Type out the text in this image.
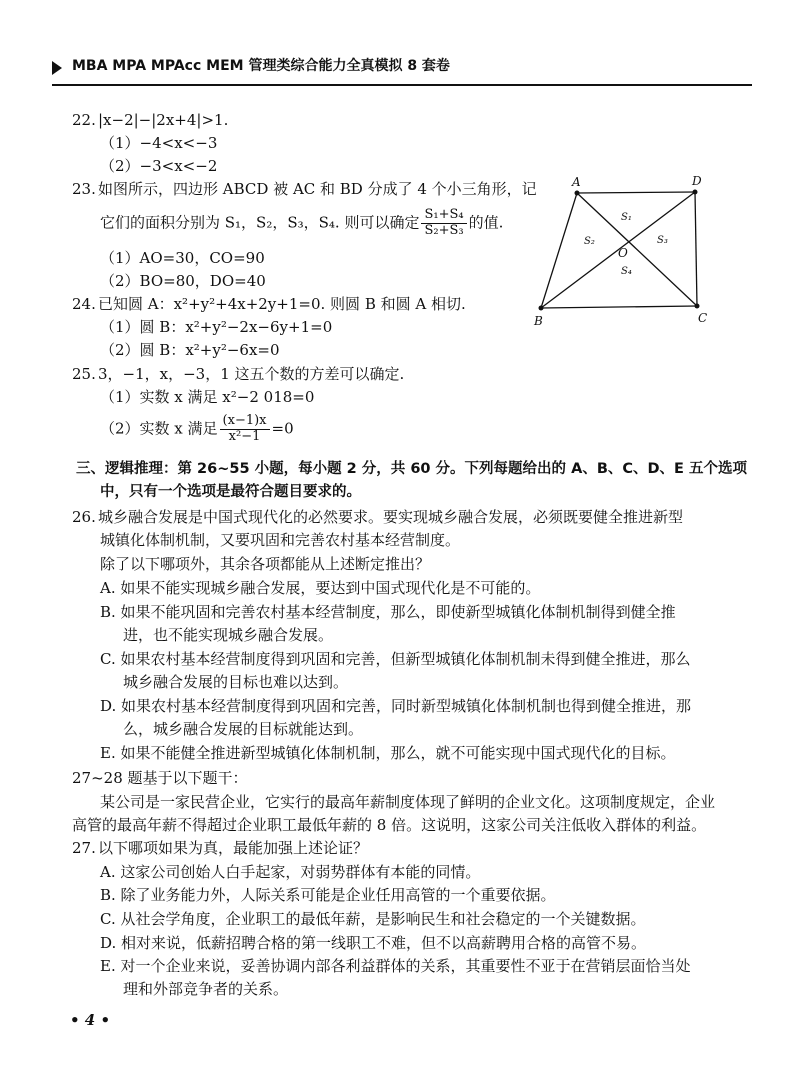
MBA MPA MPAcc MEM 管理类综合能力全真模拟 8 套卷
22. |x−2|−|2x+4|>1.
（1）−4<x<−3
（2）−3<x<−2
23. 如图所示，四边形 ABCD 被 AC 和 BD 分成了 4 个小三角形，记
它们的面积分别为 S₁，S₂，S₃，S₄. 则可以确定 $\frac{\text{S₁+S₄}}{\text{S₂+S₃}}$ 的值.
（1）AO=30，CO=90
（2）BO=80，DO=40
A	D
B	C
O
S₁
S₂	S₃
S₄
24. 已知圆 A：x²+y²+4x+2y+1=0. 则圆 B 和圆 A 相切.
（1）圆 B：x²+y²−2x−6y+1=0
（2）圆 B：x²+y²−6x=0
25. 3，−1，x，−3，1 这五个数的方差可以确定.
（1）实数 x 满足 x²−2 018=0
（2）实数 x 满足 $\frac{(x-1)x}{\text{x²−1}} =0$
三、逻辑推理：第 26~55 小题，每小题 2 分，共 60 分。下列每题给出的 A、B、C、D、E 五个选项
中，只有一个选项是最符合题目要求的。
26. 城乡融合发展是中国式现代化的必然要求。要实现城乡融合发展，必须既要健全推进新型
城镇化体制机制，又要巩固和完善农村基本经营制度。
除了以下哪项外，其余各项都能从上述断定推出？
A. 如果不能实现城乡融合发展，要达到中国式现代化是不可能的。
B. 如果不能巩固和完善农村基本经营制度，那么，即使新型城镇化体制机制得到健全推
进，也不能实现城乡融合发展。
C. 如果农村基本经营制度得到巩固和完善，但新型城镇化体制机制未得到健全推进，那么
城乡融合发展的目标也难以达到。
D. 如果农村基本经营制度得到巩固和完善，同时新型城镇化体制机制也得到健全推进，那
么，城乡融合发展的目标就能达到。
E. 如果不能健全推进新型城镇化体制机制，那么，就不可能实现中国式现代化的目标。
27~28 题基于以下题干：
某公司是一家民营企业，它实行的最高年薪制度体现了鲜明的企业文化。这项制度规定，企业
高管的最高年薪不得超过企业职工最低年薪的 8 倍。这说明，这家公司关注低收入群体的利益。
27. 以下哪项如果为真，最能加强上述论证？
A. 这家公司创始人白手起家，对弱势群体有本能的同情。
B. 除了业务能力外，人际关系可能是企业任用高管的一个重要依据。
C. 从社会学角度，企业职工的最低年薪，是影响民生和社会稳定的一个关键数据。
D. 相对来说，低薪招聘合格的第一线职工不难，但不以高薪聘用合格的高管不易。
E. 对一个企业来说，妥善协调内部各利益群体的关系，其重要性不亚于在营销层面恰当处
理和外部竞争者的关系。
• 4 •
